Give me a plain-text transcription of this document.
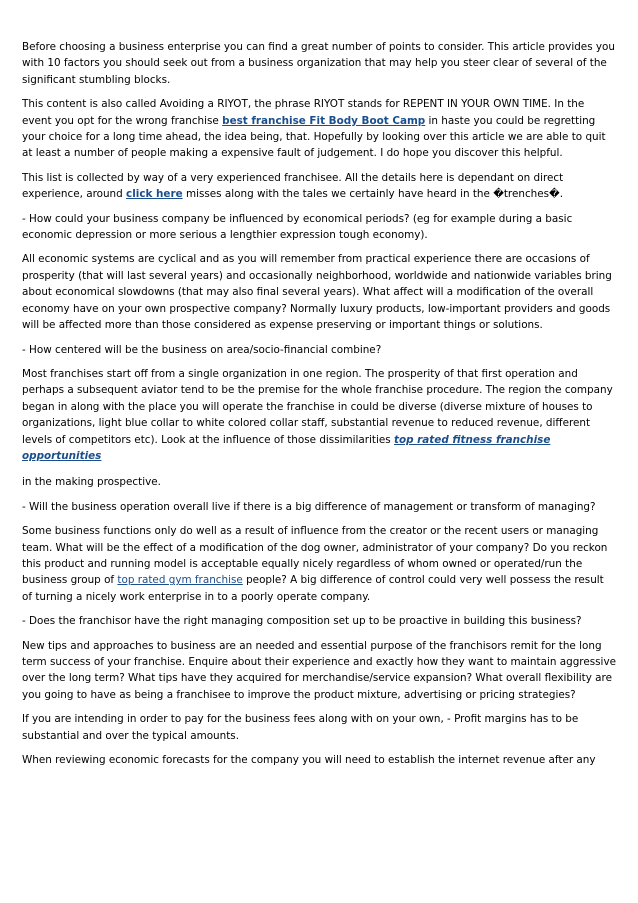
Before choosing a business enterprise you can find a great number of points to consider. This article provides you with 10 factors you should seek out from a business organization that may help you steer clear of several of the significant stumbling blocks.

This content is also called Avoiding a RIYOT, the phrase RIYOT stands for REPENT IN YOUR OWN TIME. In the event you opt for the wrong franchise best franchise Fit Body Boot Camp in haste you could be regretting your choice for a long time ahead, the idea being, that. Hopefully by looking over this article we are able to quit at least a number of people making a expensive fault of judgement. I do hope you discover this helpful.

This list is collected by way of a very experienced franchisee. All the details here is dependant on direct experience, around click here misses along with the tales we certainly have heard in the �trenches�.

- How could your business company be influenced by economical periods? (eg for example during a basic economic depression or more serious a lengthier expression tough economy).

All economic systems are cyclical and as you will remember from practical experience there are occasions of prosperity (that will last several years) and occasionally neighborhood, worldwide and nationwide variables bring about economical slowdowns (that may also final several years). What affect will a modification of the overall economy have on your own prospective company? Normally luxury products, low-important providers and goods will be affected more than those considered as expense preserving or important things or solutions.

- How centered will be the business on area/socio-financial combine?

Most franchises start off from a single organization in one region. The prosperity of that first operation and perhaps a subsequent aviator tend to be the premise for the whole franchise procedure. The region the company began in along with the place you will operate the franchise in could be diverse (diverse mixture of houses to organizations, light blue collar to white colored collar staff, substantial revenue to reduced revenue, different levels of competitors etc). Look at the influence of those dissimilarities top rated fitness franchise opportunities

in the making prospective.

- Will the business operation overall live if there is a big difference of management or transform of managing?

Some business functions only do well as a result of influence from the creator or the recent users or managing team. What will be the effect of a modification of the dog owner, administrator of your company? Do you reckon this product and running model is acceptable equally nicely regardless of whom owned or operated/run the business group of top rated gym franchise people? A big difference of control could very well possess the result of turning a nicely work enterprise in to a poorly operate company.

- Does the franchisor have the right managing composition set up to be proactive in building this business?

New tips and approaches to business are an needed and essential purpose of the franchisors remit for the long term success of your franchise. Enquire about their experience and exactly how they want to maintain aggressive over the long term? What tips have they acquired for merchandise/service expansion? What overall flexibility are you going to have as being a franchisee to improve the product mixture, advertising or pricing strategies?

If you are intending in order to pay for the business fees along with on your own, - Profit margins has to be substantial and over the typical amounts.

When reviewing economic forecasts for the company you will need to establish the internet revenue after any
